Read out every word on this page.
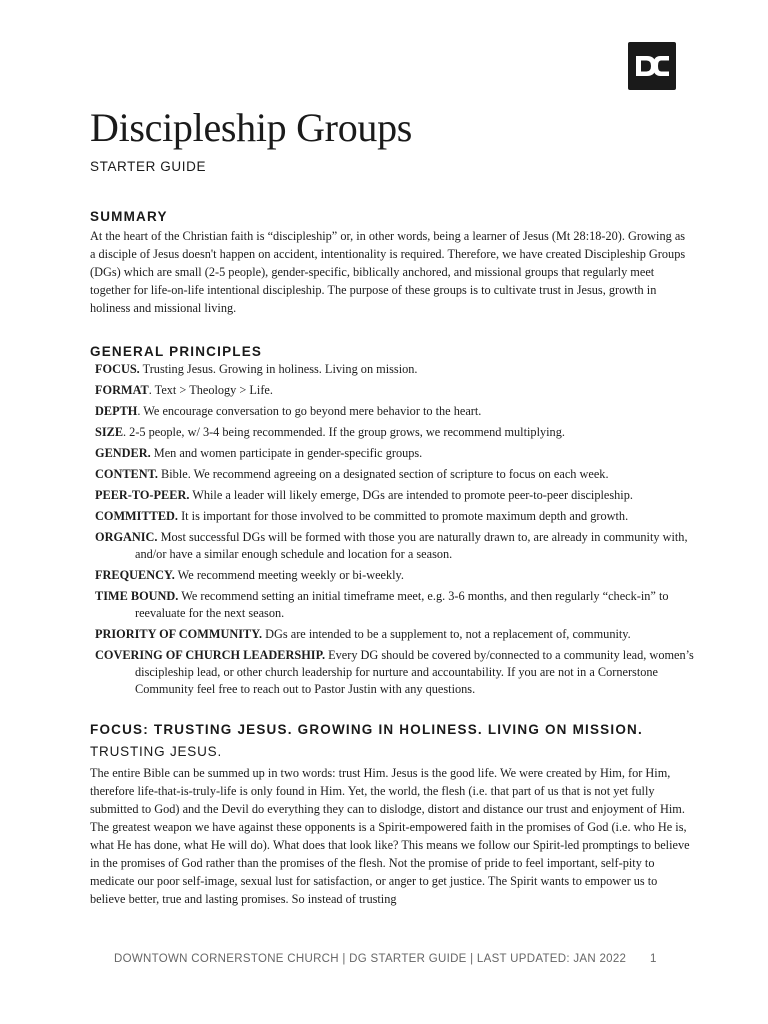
Discipleship Groups
STARTER GUIDE
SUMMARY

At the heart of the Christian faith is “discipleship” or, in other words, being a learner of Jesus (Mt 28:18-20). Growing as a disciple of Jesus doesn't happen on accident, intentionality is required. Therefore, we have created Discipleship Groups (DGs) which are small (2-5 people), gender-specific, biblically anchored, and missional groups that regularly meet together for life-on-life intentional discipleship. The purpose of these groups is to cultivate trust in Jesus, growth in holiness and missional living.

GENERAL PRINCIPLES
FOCUS. Trusting Jesus. Growing in holiness. Living on mission.
FORMAT. Text > Theology > Life.
DEPTH. We encourage conversation to go beyond mere behavior to the heart.
SIZE. 2-5 people, w/ 3-4 being recommended. If the group grows, we recommend multiplying.
GENDER. Men and women participate in gender-specific groups.
CONTENT. Bible. We recommend agreeing on a designated section of scripture to focus on each week.
PEER-TO-PEER. While a leader will likely emerge, DGs are intended to promote peer-to-peer discipleship.
COMMITTED. It is important for those involved to be committed to promote maximum depth and growth.
ORGANIC. Most successful DGs will be formed with those you are naturally drawn to, are already in community with, and/or have a similar enough schedule and location for a season.
FREQUENCY. We recommend meeting weekly or bi-weekly.
TIME BOUND. We recommend setting an initial timeframe meet, e.g. 3-6 months, and then regularly “check-in” to reevaluate for the next season.
PRIORITY OF COMMUNITY. DGs are intended to be a supplement to, not a replacement of, community.
COVERING OF CHURCH LEADERSHIP. Every DG should be covered by/connected to a community lead, women’s discipleship lead, or other church leadership for nurture and accountability. If you are not in a Cornerstone Community feel free to reach out to Pastor Justin with any questions.
FOCUS: TRUSTING JESUS. GROWING IN HOLINESS. LIVING ON MISSION.
TRUSTING JESUS.

The entire Bible can be summed up in two words: trust Him. Jesus is the good life. We were created by Him, for Him, therefore life-that-is-truly-life is only found in Him. Yet, the world, the flesh (i.e. that part of us that is not yet fully submitted to God) and the Devil do everything they can to dislodge, distort and distance our trust and enjoyment of Him. The greatest weapon we have against these opponents is a Spirit-empowered faith in the promises of God (i.e. who He is, what He has done, what He will do). What does that look like? This means we follow our Spirit-led promptings to believe in the promises of God rather than the promises of the flesh. Not the promise of pride to feel important, self-pity to medicate our poor self-image, sexual lust for satisfaction, or anger to get justice. The Spirit wants to empower us to believe better, true and lasting promises. So instead of trusting

DOWNTOWN CORNERSTONE CHURCH | DG STARTER GUIDE | LAST UPDATED: JAN 2022 1
